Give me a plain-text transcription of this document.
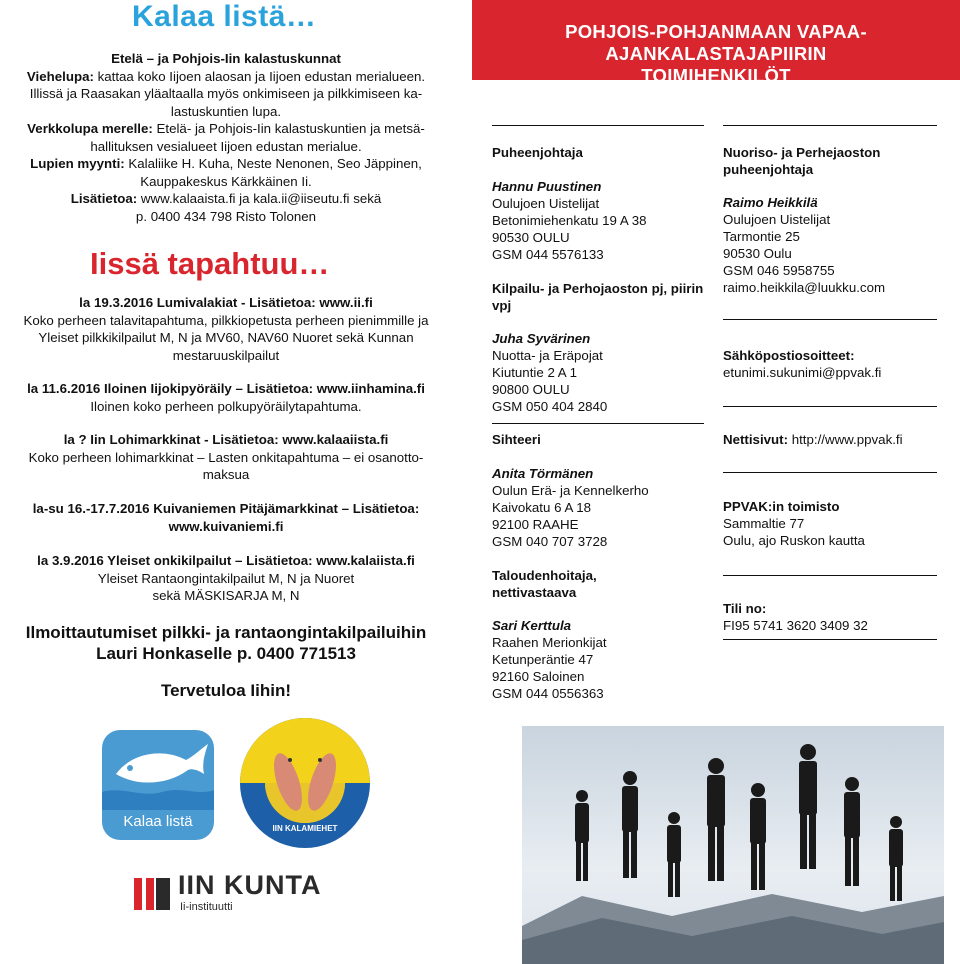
Kalaa listä…

Etelä – ja Pohjois-Iin kalastuskunnat

Viehelupa: kattaa koko Iijoen alaosan ja Iijoen edustan merialueen.

Illissä ja Raasakan yläaltaalla myös onkimiseen ja pilkkimiseen ka-

lastuskuntien lupa.

Verkkolupa merelle: Etelä- ja Pohjois-Iin kalastuskuntien ja metsä-

hallituksen vesialueet Iijoen edustan merialue.

Lupien myynti: Kalaliike H. Kuha, Neste Nenonen, Seo Jäppinen,

Kauppakeskus Kärkkäinen Ii.

Lisätietoa: www.kalaaista.fi ja kala.ii@iiseutu.fi sekä

p. 0400 434 798 Risto Tolonen

Iissä tapahtuu…
la 19.3.2016 Lumivalakiat - Lisätietoa: www.ii.fi
Koko perheen talavitapahtuma, pilkkiopetusta perheen pienimmille ja Yleiset pilkkikilpailut M, N ja MV60, NAV60 Nuoret sekä Kunnan mestaruuskilpailut
la 11.6.2016 Iloinen Iijokipyöräily – Lisätietoa: www.iinhamina.fi
Iloinen koko perheen polkupyöräilytapahtuma.
la ? Iin Lohimarkkinat - Lisätietoa: www.kalaaiista.fi
Koko perheen lohimarkkinat – Lasten onkitapahtuma – ei osanotto-maksua
la-su 16.-17.7.2016 Kuivaniemen Pitäjämarkkinat – Lisätietoa: www.kuivaniemi.fi
la 3.9.2016 Yleiset onkikilpailut – Lisätietoa: www.kalaiista.fi
Yleiset Rantaongintakilpailut M, N ja Nuoret sekä MÄSKISARJA M, N
Ilmoittautumiset pilkki- ja rantaongintakilpailuihin Lauri Honkaselle p. 0400 771513
Tervetuloa Iihin!
Kalaa listä	IIN KALAMIEHET
IIN KUNTA
Ii-instituutti
POHJOIS-POHJANMAAN VAPAA-AJANKALASTAJAPIIRIN
TOIMIHENKILÖT
Puheenjohtaja
Hannu Puustinen
Oulujoen Uistelijat
Betonimiehenkatu 19 A 38
90530 OULU
GSM 044 5576133
Kilpailu- ja Perhojaoston pj, piirin vpj
Juha Syvärinen
Nuotta- ja Eräpojat
Kiutuntie 2 A 1
90800 OULU
GSM 050 404 2840
Sihteeri
Anita Törmänen
Oulun Erä- ja Kennelkerho
Kaivokatu 6 A 18
92100 RAAHE
GSM 040 707 3728
Taloudenhoitaja, nettivastaava
Sari Kerttula
Raahen Merionkijat
Ketunperäntie 47
92160 Saloinen
GSM 044 0556363
Nuoriso- ja Perhejaoston puheenjohtaja
Raimo Heikkilä
Oulujoen Uistelijat
Tarmontie 25
90530 Oulu
GSM 046 5958755
raimo.heikkila@luukku.com
Sähköpostiosoitteet:
etunimi.sukunimi@ppvak.fi
Nettisivut: http://www.ppvak.fi
PPVAK:in toimisto
Sammaltie 77
Oulu, ajo Ruskon kautta
Tili no:
FI95 5741 3620 3409 32
